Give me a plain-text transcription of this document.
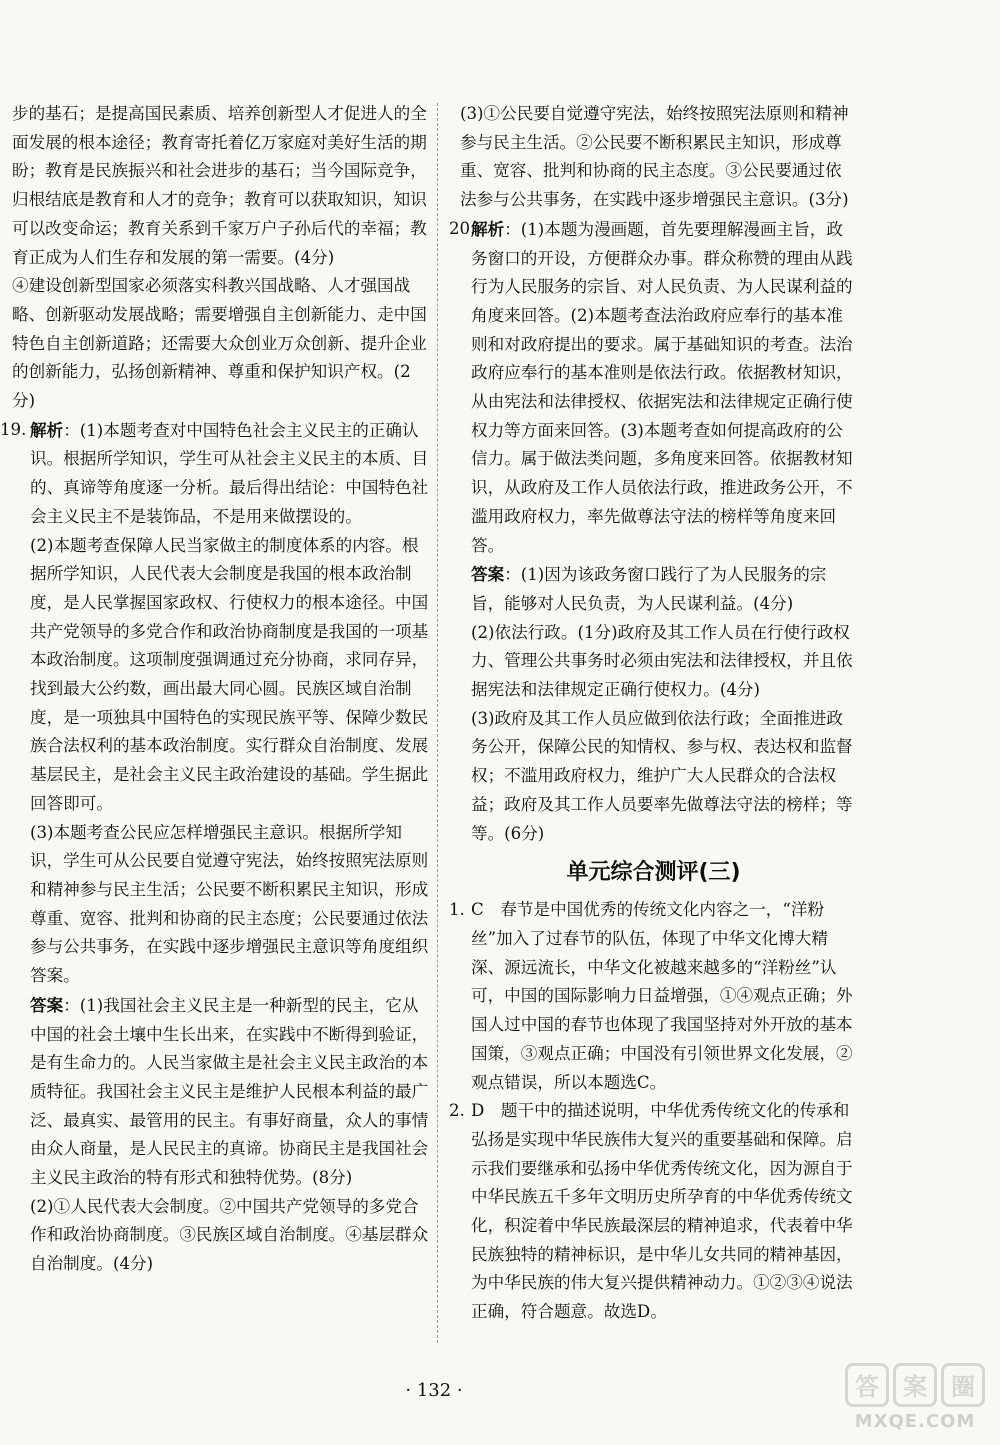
步的基石；是提高国民素质、培养创新型人才促进人的全面发展的根本途径；教育寄托着亿万家庭对美好生活的期盼；教育是民族振兴和社会进步的基石；当今国际竞争，归根结底是教育和人才的竞争；教育可以获取知识，知识可以改变命运；教育关系到千家万户子孙后代的幸福；教育正成为人们生存和发展的第一需要。(4分)

④建设创新型国家必须落实科教兴国战略、人才强国战略、创新驱动发展战略；需要增强自主创新能力、走中国特色自主创新道路；还需要大众创业万众创新、提升企业的创新能力，弘扬创新精神、尊重和保护知识产权。(2分)

19. 解析：(1)本题考查对中国特色社会主义民主的正确认识。根据所学知识，学生可从社会主义民主的本质、目的、真谛等角度逐一分析。最后得出结论：中国特色社会主义民主不是装饰品，不是用来做摆设的。

(2)本题考查保障人民当家做主的制度体系的内容。根据所学知识，人民代表大会制度是我国的根本政治制度，是人民掌握国家政权、行使权力的根本途径。中国共产党领导的多党合作和政治协商制度是我国的一项基本政治制度。这项制度强调通过充分协商，求同存异，找到最大公约数，画出最大同心圆。民族区域自治制度，是一项独具中国特色的实现民族平等、保障少数民族合法权利的基本政治制度。实行群众自治制度、发展基层民主，是社会主义民主政治建设的基础。学生据此回答即可。

(3)本题考查公民应怎样增强民主意识。根据所学知识，学生可从公民要自觉遵守宪法，始终按照宪法原则和精神参与民主生活；公民要不断积累民主知识，形成尊重、宽容、批判和协商的民主态度；公民要通过依法参与公共事务，在实践中逐步增强民主意识等角度组织答案。

答案：(1)我国社会主义民主是一种新型的民主，它从中国的社会土壤中生长出来，在实践中不断得到验证，是有生命力的。人民当家做主是社会主义民主政治的本质特征。我国社会主义民主是维护人民根本利益的最广泛、最真实、最管用的民主。有事好商量，众人的事情由众人商量，是人民民主的真谛。协商民主是我国社会主义民主政治的特有形式和独特优势。(8分)

(2)①人民代表大会制度。②中国共产党领导的多党合作和政治协商制度。③民族区域自治制度。④基层群众自治制度。(4分)

(3)①公民要自觉遵守宪法，始终按照宪法原则和精神参与民主生活。②公民要不断积累民主知识，形成尊重、宽容、批判和协商的民主态度。③公民要通过依法参与公共事务，在实践中逐步增强民主意识。(3分)

20.

解析：(1)本题为漫画题，首先要理解漫画主旨，政务窗口的开设，方便群众办事。群众称赞的理由从践行为人民服务的宗旨、对人民负责、为人民谋利益的角度来回答。(2)本题考查法治政府应奉行的基本准则和对政府提出的要求。属于基础知识的考查。法治政府应奉行的基本准则是依法行政。依据教材知识，从由宪法和法律授权、依据宪法和法律规定正确行使权力等方面来回答。(3)本题考查如何提高政府的公信力。属于做法类问题，多角度来回答。依据教材知识，从政府及工作人员依法行政，推进政务公开，不滥用政府权力，率先做尊法守法的榜样等角度来回答。

答案：(1)因为该政务窗口践行了为人民服务的宗旨，能够对人民负责，为人民谋利益。(4分)

(2)依法行政。(1分)政府及其工作人员在行使行政权力、管理公共事务时必须由宪法和法律授权，并且依据宪法和法律规定正确行使权力。(4分)

(3)政府及其工作人员应做到依法行政；全面推进政务公开，保障公民的知情权、参与权、表达权和监督权；不滥用政府权力，维护广大人民群众的合法权益；政府及其工作人员要率先做尊法守法的榜样；等等。(6分)

单元综合测评(三)
1. C　春节是中国优秀的传统文化内容之一，“洋粉丝”加入了过春节的队伍，体现了中华文化博大精深、源远流长，中华文化被越来越多的“洋粉丝”认可，中国的国际影响力日益增强，①④观点正确；外国人过中国的春节也体现了我国坚持对外开放的基本国策，③观点正确；中国没有引领世界文化发展，②观点错误，所以本题选C。

2. D　题干中的描述说明，中华优秀传统文化的传承和弘扬是实现中华民族伟大复兴的重要基础和保障。启示我们要继承和弘扬中华优秀传统文化，因为源自于中华民族五千多年文明历史所孕育的中华优秀传统文化，积淀着中华民族最深层的精神追求，代表着中华民族独特的精神标识，是中华儿女共同的精神基因，为中华民族的伟大复兴提供精神动力。①②③④说法正确，符合题意。故选D。

· 132 ·	答	案	圈
MXQE.COM
